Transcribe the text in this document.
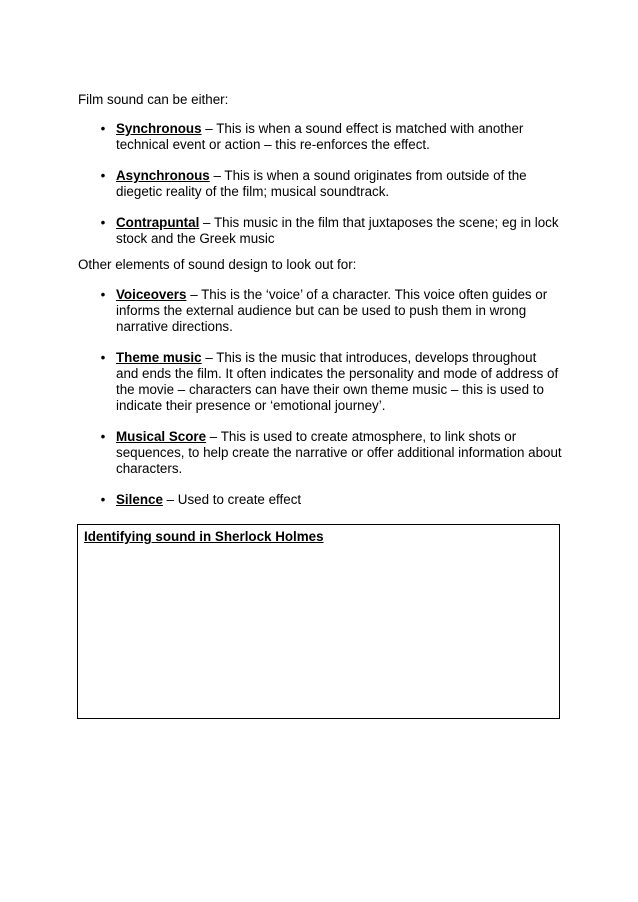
Film sound can be either:

• Synchronous – This is when a sound effect is matched with another technical event or action – this re-enforces the effect.
• Asynchronous – This is when a sound originates from outside of the diegetic reality of the film; musical soundtrack.
• Contrapuntal – This music in the film that juxtaposes the scene; eg in lock stock and the Greek music

Other elements of sound design to look out for:

• Voiceovers – This is the ‘voice’ of a character. This voice often guides or informs the external audience but can be used to push them in wrong narrative directions.
• Theme music – This is the music that introduces, develops throughout and ends the film. It often indicates the personality and mode of address of the movie – characters can have their own theme music – this is used to indicate their presence or ‘emotional journey’.
• Musical Score – This is used to create atmosphere, to link shots or sequences, to help create the narrative or offer additional information about characters.
• Silence – Used to create effect
Identifying sound in Sherlock Holmes
